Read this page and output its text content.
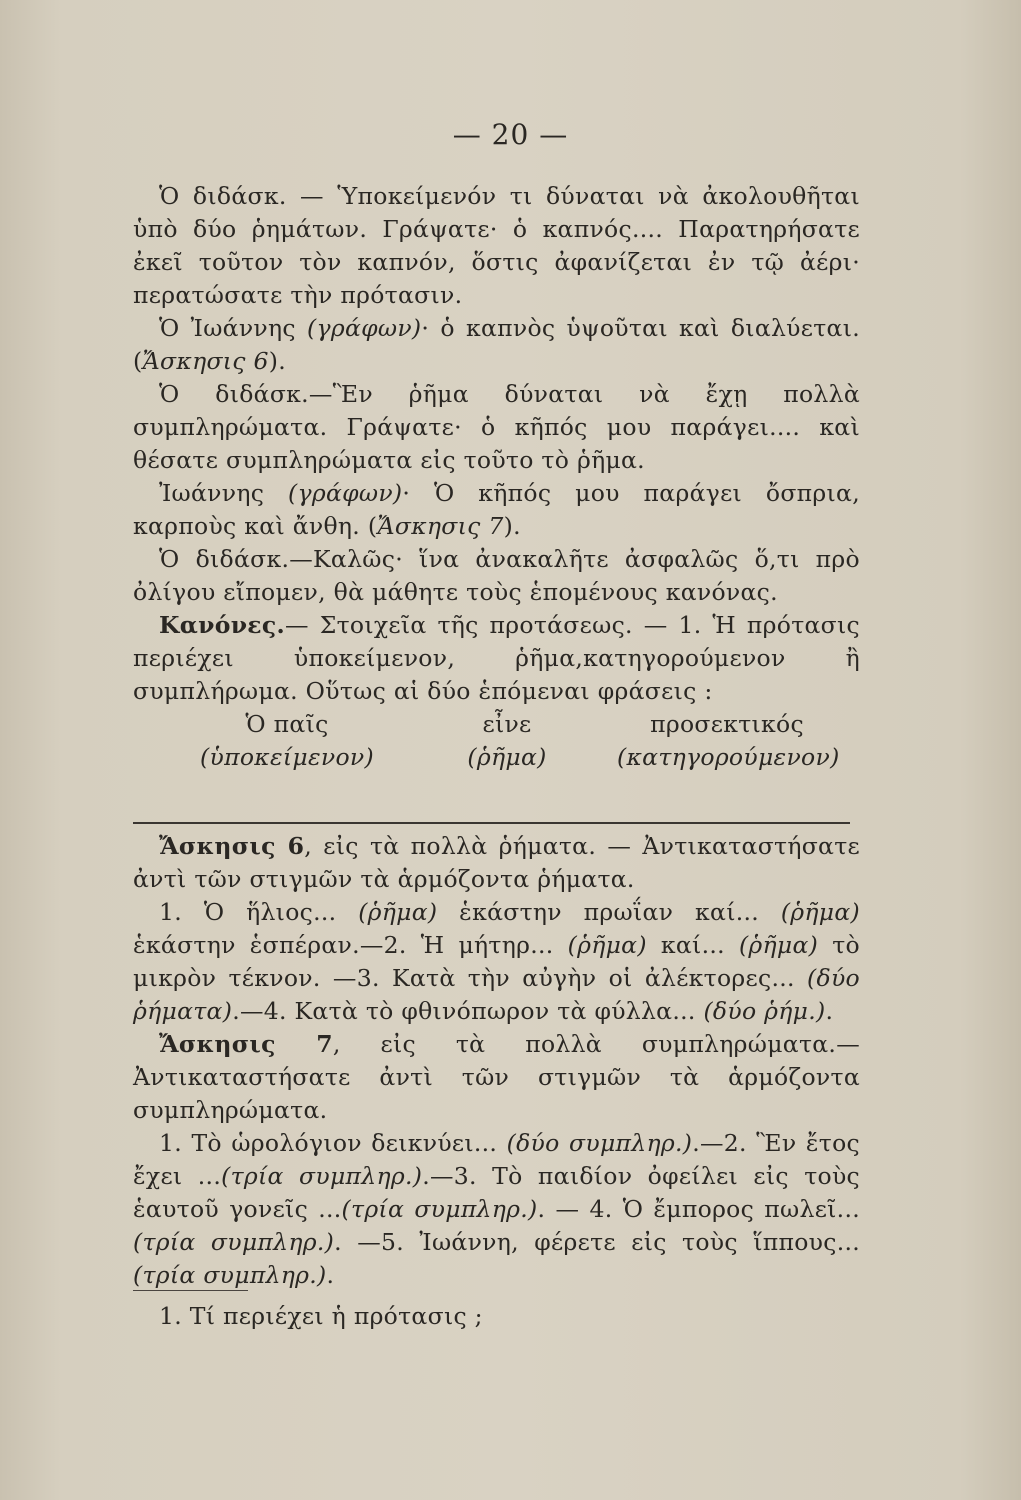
— 20 —

Ὁ διδάσκ. — Ὑποκείμενόν τι δύναται νὰ ἀκολουθῆται ὑπὸ δύο ῥημάτων. Γράψατε· ὁ καπνός.... Παρατηρήσατε ἐκεῖ τοῦτον τὸν καπνόν, ὅστις ἀφανίζεται ἐν τῷ ἀέρι· περατώσατε τὴν πρότασιν.

Ὁ Ἰωάννης (γράφων)· ὁ καπνὸς ὑψοῦται καὶ διαλύεται. (Ἄσκησις 6).

Ὁ διδάσκ.—Ἓν ῥῆμα δύναται νὰ ἔχῃ πολλὰ συμπληρώματα. Γράψατε· ὁ κῆπός μου παράγει.... καὶ θέσατε συμπληρώματα εἰς τοῦτο τὸ ῥῆμα.

Ἰωάννης (γράφων)· Ὁ κῆπός μου παράγει ὄσπρια, καρποὺς καὶ ἄνθη. (Ἄσκησις 7).

Ὁ διδάσκ.—Καλῶς· ἵνα ἀνακαλῆτε ἀσφαλῶς ὅ,τι πρὸ ὀλίγου εἴπομεν, θὰ μάθητε τοὺς ἑπομένους κανόνας.

Κανόνες.— Στοιχεῖα τῆς προτάσεως. — 1. Ἡ πρότασις περιέχει ὑποκείμενον, ῥῆμα,κατηγορούμενον ἢ συμπλήρωμα. Οὕτως αἱ δύο ἑπόμεναι φράσεις :

Ὁ παῖς	εἶνε	προσεκτικός
(ὑποκείμενον)	(ῥῆμα)	(κατηγορούμενον)

Ἄσκησις 6, εἰς τὰ πολλὰ ῥήματα. — Ἀντικαταστήσατε ἀντὶ τῶν στιγμῶν τὰ ἁρμόζοντα ῥήματα.

1. Ὁ ἥλιος... (ῥῆμα) ἑκάστην πρωΐαν καί... (ῥῆμα) ἑκάστην ἑσπέραν.—2. Ἡ μήτηρ... (ῥῆμα) καί... (ῥῆμα) τὸ μικρὸν τέκνον. —3. Κατὰ τὴν αὐγὴν οἱ ἀλέκτορες... (δύο ῥήματα).—4. Κατὰ τὸ φθινόπωρον τὰ φύλλα... (δύο ῥήμ.).

Ἄσκησις 7, εἰς τὰ πολλὰ συμπληρώματα.— Ἀντικαταστήσατε ἀντὶ τῶν στιγμῶν τὰ ἁρμόζοντα συμπληρώματα.

1. Τὸ ὡρολόγιον δεικνύει... (δύο συμπληρ.).—2. Ἓν ἔτος ἔχει ...(τρία συμπληρ.).—3. Τὸ παιδίον ὀφείλει εἰς τοὺς ἑαυτοῦ γονεῖς ...(τρία συμπληρ.). — 4. Ὁ ἔμπορος πωλεῖ... (τρία συμπληρ.). —5. Ἰωάννη, φέρετε εἰς τοὺς ἵππους... (τρία συμπληρ.).

1. Τί περιέχει ἡ πρότασις ;
